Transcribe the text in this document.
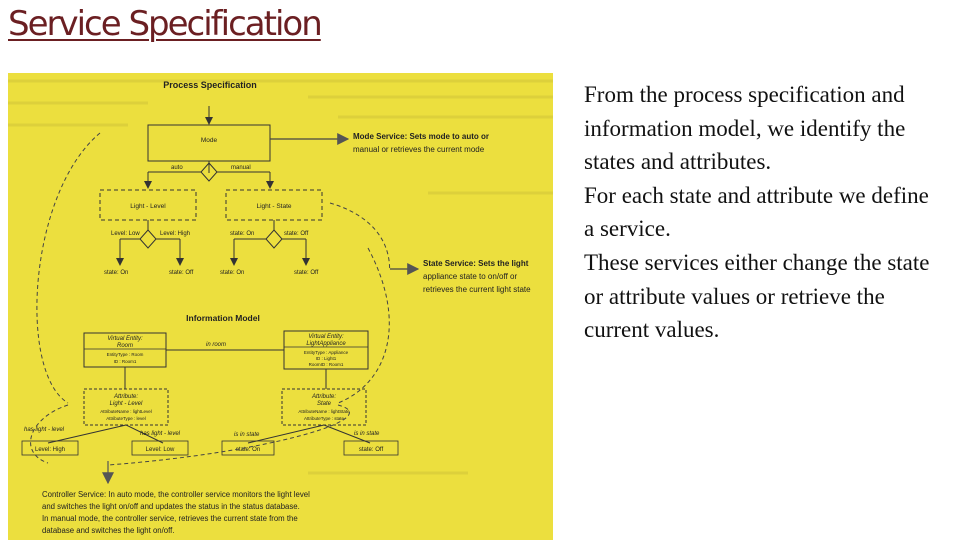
Service Specification
Process Specification
Mode	Mode Service: Sets mode to auto or
manual or retrieves the current mode
auto	manual
Light - Level	Light - State
Level: Low	Level: High
state: On	state: Off
state: On	state: Off
state: On	state: Off
State Service: Sets the light
appliance state to on/off or
retrieves the current light state
Information Model
Virtual Entity:
Room
EntityType : Room
ID : Room1
Virtual Entity:
LightAppliance
EntityType : Appliance
ID : Light1
RoomID : Room1
in room
Attribute:
Light - Level
AttributeName : lightLevel
AttributeType : level
Attribute:
State
AttributeName : lightState
AttributeType : state
has light - level
has light - level	is in state	is in state
Level: High	Level: Low	state: On	state: Off
Controller Service: In auto mode, the controller service monitors the light level
and switches the light on/off and updates the status in the status database.
In manual mode, the controller service, retrieves the current state from the
database and switches the light on/off.

From the process specification and information model, we identify the states and attributes.

For each state and attribute we define a service.

These services either change the state or attribute values or retrieve the current values.
